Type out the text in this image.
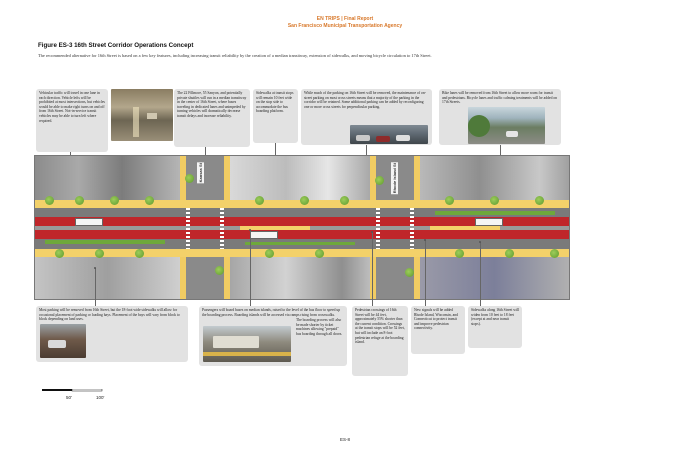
EN TRIPS | Final Report
San Francisco Municipal Transportation Agency
Figure ES-3 16th Street Corridor Operations Concept
The recommended alternative for 16th Street is based on a few key features, including increasing transit reliability by the creation of a median transitway, extension of sidewalks, and moving bicycle circulation to 17th Street.
Vehicular traffic will travel in one lane in each direction. Vehicle lefts will be prohibited at most intersections, but vehicles would be able to make right turns on and off from 16th Street. Not-in-service transit vehicles may be able to turn left where required.
The 22 Fillmore, 55 Sanyon, and potentially private shuttles will run in a median transitway in the center of 16th Street, where buses traveling in dedicated lanes and unimpeded by turning vehicles will dramatically decrease transit delays and increase reliability.
Sidewalks at transit stops will remain 10 feet wide on the stop side to accommodate the bus boarding platform.
While much of the parking on 16th Street will be removed, the maintenance of on-street parking on most cross streets means that a majority of the parking in the corridor will be retained. Some additional parking can be added by reconfiguring one or more cross streets for perpendicular parking.
Bike lanes will be removed from 16th Street to allow more room for transit and pedestrians. Bicycle lanes and traffic calming treatments will be added on 17th Streets.
Kansas St	Rhode Island St
Most parking will be removed from 16th Street, but the 18-foot wide sidewalks will allow for occasional placement of parking or loading bays. Placement of the bays will vary from block to block depending on land uses.
Passengers will board buses on median islands, raised to the level of the bus floor to speed up the boarding process. Boarding islands will be accessed via ramps rising from crosswalks.
The boarding process will also be made shorter by ticket machines allowing "prepaid" bus boarding through all doors.
Pedestrian crossings of 16th Street will be 44 feet, approximately 55% shorter than the current condition. Crossings at the transit stops will be 52 feet, but will include an 8-foot pedestrian refuge at the boarding island.
New signals will be added Rhode Island, Wisconsin, and Connecticut to protect transit and improve pedestrian connectivity.
Sidewalks along 16th Street will widen from 10 feet to 18 feet (except at and near transit stops).
50'	100'
ES-8
